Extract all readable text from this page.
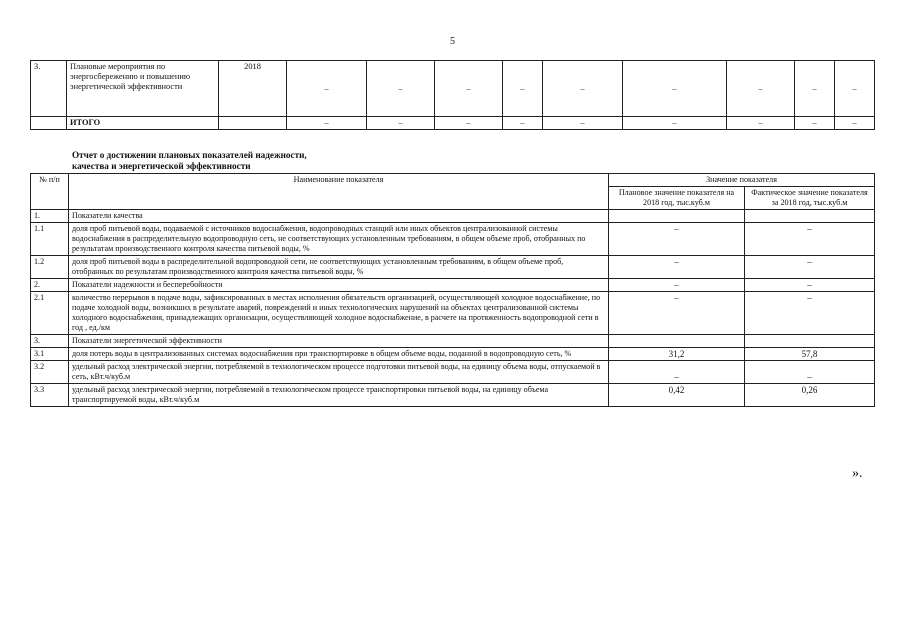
5
3.	Плановые мероприятия по энергосбережению и повышению энергетической эффективности	2018	–	–	–	–	–	–	–	–	–
	ИТОГО		–	–	–	–	–	–	–	–	–
Отчет о достижении плановых показателей надежности,
качества и энергетической эффективности
№ п/п	Наименование показателя	Значение показателя	
		Плановое значение показателя на 2018 год, тыс.куб.м	Фактическое значение показателя за 2018 год, тыс.куб.м
1.	Показатели качества		
1.1	доля проб питьевой воды, подаваемой с источников водоснабжения, водопроводных станций или иных объектов централизованной системы водоснабжения в распределительную водопроводную сеть, не соответствующих установленным требованиям, в общем объеме проб, отобранных по результатам производственного контроля качества питьевой воды, %	–	–
1.2	доля проб питьевой воды в распределительной водопроводной сети, не соответствующих установленным требованиям, в общем объеме проб, отобранных по результатам производственного контроля качества питьевой воды, %	–	–
2.	Показатели надежности и бесперебойности	–	–
2.1	количество перерывов в подаче воды, зафиксированных в местах исполнения обязательств организацией, осуществляющей холодное водоснабжение, по подаче холодной воды, возникших в результате аварий, повреждений и иных технологических нарушений на объектах централизованной системы холодного водоснабжения, принадлежащих организации, осуществляющей холодное водоснабжение, в расчете на протяженность водопроводной сети в год , ед./км	–	–
3.	Показатели энергетической эффективности		
3.1	доля потерь воды в централизованных системах водоснабжения при транспортировке в общем объеме воды, поданной в водопроводную сеть, %	31,2	57,8
3.2	удельный расход электрической энергии, потребляемой в технологическом процессе подготовки питьевой воды, на единицу объема воды, отпускаемой в сеть, кВт.ч/куб.м	–	–
3.3	удельный расход электрической энергии, потребляемой в технологическом процессе транспортировки питьевой воды, на единицу объема транспортируемой воды, кВт.ч/куб.м	0,42	0,26
».
